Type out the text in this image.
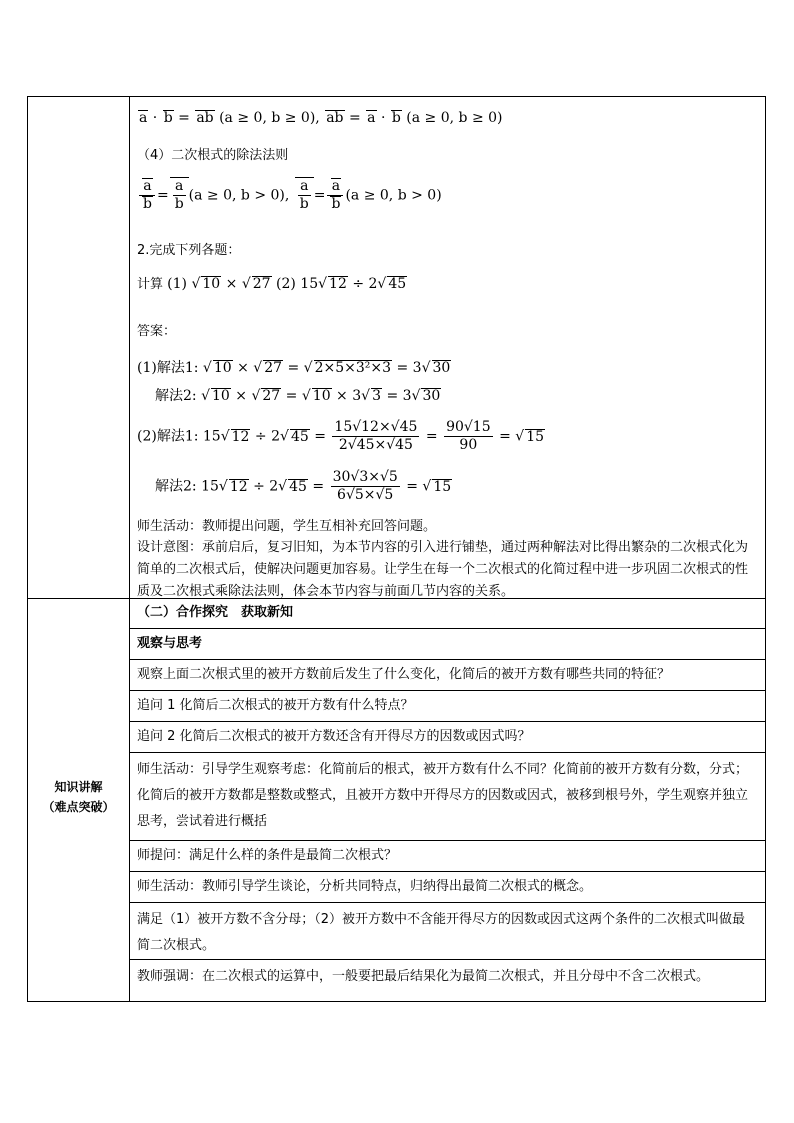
a · b = ab (a ≥ 0, b ≥ 0), ab = a · b (a ≥ 0, b ≥ 0)
（4）二次根式的除法法则
$\frac{a}{b} = \frac{a}{b} (a \ge 0$, b > 0), $\frac{a}{b} = \frac{a}{b} (a \ge 0$, b > 0)
2.完成下列各题：
计算 (1) √ 10 × √ 27 (2) 15√ 12 ÷ 2√ 45
答案：
(1)解法1: √ 10 × √ 27 = √ 2×5×3²×3 = 3√ 30
解法2: √ 10 × √ 27 = √ 10 × 3√ 3 = 3√ 30
(2)解法1: 15√ 12 ÷ 2√ $45 = \frac{15√12\times√45}{2√45\times√45} = \frac{90√15}{90}$ = √ 15
解法2: 15√ 12 ÷ 2√ $45 = \frac{30√3\times√5}{6√5\times√5}$ = √ 15
师生活动：教师提出问题，学生互相补充回答问题。
设计意图：承前启后，复习旧知，为本节内容的引入进行铺垫，通过两种解法对比得出繁杂的二次根式化为简单的二次根式后，使解决问题更加容易。让学生在每一个二次根式的化简过程中进一步巩固二次根式的性质及二次根式乘除法法则，体会本节内容与前面几节内容的关系。
知识讲解
（难点突破）
（二）合作探究　获取新知
观察与思考
观察上面二次根式里的被开方数前后发生了什么变化，化简后的被开方数有哪些共同的特征？
追问 1 化简后二次根式的被开方数有什么特点？
追问 2 化简后二次根式的被开方数还含有开得尽方的因数或因式吗？
师生活动：引导学生观察考虑：化简前后的根式，被开方数有什么不同？化简前的被开方数有分数，分式；化简后的被开方数都是整数或整式，且被开方数中开得尽方的因数或因式，被移到根号外，学生观察并独立思考，尝试着进行概括
师提问：满足什么样的条件是最简二次根式？
师生活动：教师引导学生谈论，分析共同特点，归纳得出最简二次根式的概念。
满足（1）被开方数不含分母；（2）被开方数中不含能开得尽方的因数或因式这两个条件的二次根式叫做最简二次根式。
教师强调：在二次根式的运算中，一般要把最后结果化为最简二次根式，并且分母中不含二次根式。
